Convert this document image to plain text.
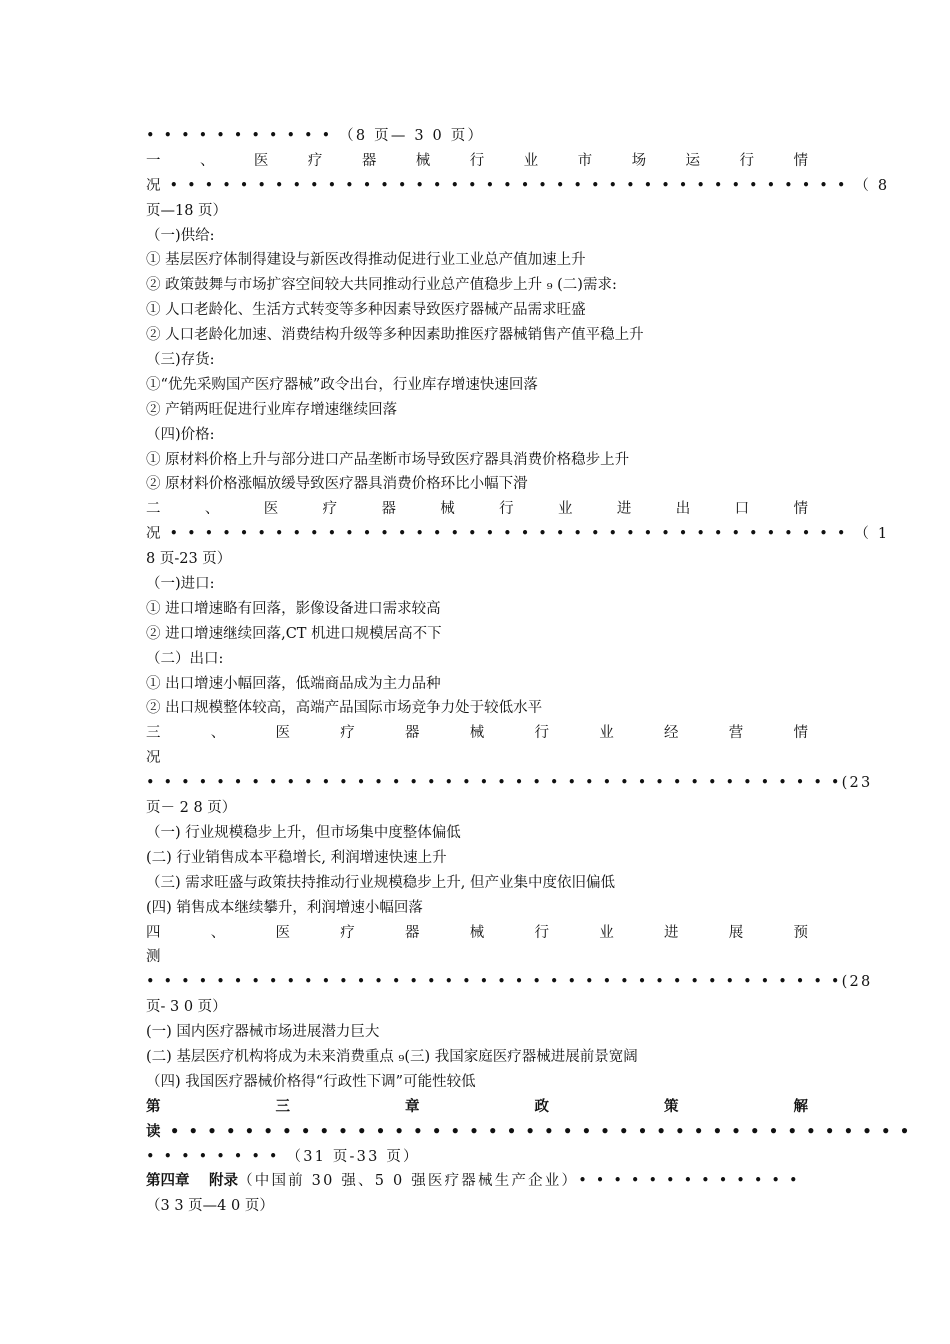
• • • • • • • • • • • （8 页— 3 0 页）
一	、	医	疗	器	械	行	业	市	场	运	行	情
况 • • • • • • • • • • • • • • • • • • • • • • • • • • • • • • • • • • • • • • • （ 8
页—18 页）
（一)供给:
① 基层医疗体制得建设与新医改得推动促进行业工业总产值加速上升
② 政策鼓舞与市场扩容空间较大共同推动行业总产值稳步上升 ₉ (二)需求:
① 人口老龄化、生活方式转变等多种因素导致医疗器械产品需求旺盛
② 人口老龄化加速、消费结构升级等多种因素助推医疗器械销售产值平稳上升
（三)存货:
①“优先采购国产医疗器械”政令出台，行业库存增速快速回落
② 产销两旺促进行业库存增速继续回落
（四)价格:
① 原材料价格上升与部分进口产品垄断市场导致医疗器具消费价格稳步上升
② 原材料价格涨幅放缓导致医疗器具消费价格环比小幅下滑
二	、	医	疗	器	械	行	业	进	出	口	情
况 • • • • • • • • • • • • • • • • • • • • • • • • • • • • • • • • • • • • • • • （ 1
8 页-23 页）
（一)进口:
① 进口增速略有回落，影像设备进口需求较高
② 进口增速继续回落,CT 机进口规模居高不下
（二）出口:
① 出口增速小幅回落，低端商品成为主力品种
② 出口规模整体较高，高端产品国际市场竞争力处于较低水平
三	、	医	疗	器	械	行	业	经	营	情
况
• • • • • • • • • • • • • • • • • • • • • • • • • • • • • • • • • • • • • • • •(23
页－ 2 8 页）
（一) 行业规模稳步上升，但市场集中度整体偏低
(二) 行业销售成本平稳增长, 利润增速快速上升
（三) 需求旺盛与政策扶持推动行业规模稳步上升, 但产业集中度依旧偏低
(四) 销售成本继续攀升，利润增速小幅回落
四	、	医	疗	器	械	行	业	进	展	预
测
• • • • • • • • • • • • • • • • • • • • • • • • • • • • • • • • • • • • • • • •(28
页- 3 0 页）
(一) 国内医疗器械市场进展潜力巨大
(二) 基层医疗机构将成为未来消费重点 ₉(三) 我国家庭医疗器械进展前景宽阔
（四) 我国医疗器械价格得“行政性下调”可能性较低
第	三	章	政	策	解
读 • • • • • • • • • • • • • • • • • • • • • • • • • • • • • • • • • • • • • • • •
• • • • • • • • （31 页-33 页）
第四章　 附录（中国前 30 强、5 0 强医疗器械生产企业）• • • • • • • • • • • • •
（3 3 页—4 0 页）
